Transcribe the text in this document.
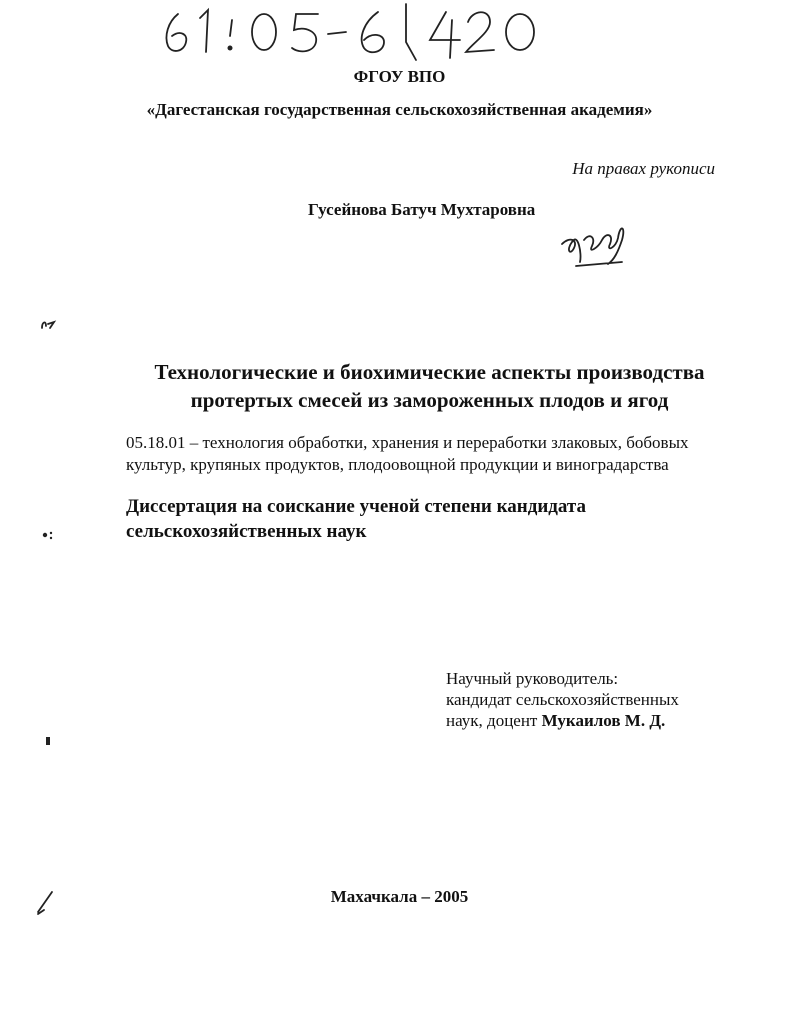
ФГОУ ВПО

«Дагестанская государственная сельскохозяйственная академия»

На правах рукописи

Гусейнова Батуч Мухтаровна

Технологические и биохимические аспекты производства
протертых смесей из замороженных плодов и ягод

05.18.01 – технология обработки, хранения и переработки злаковых, бобовых
культур, крупяных продуктов, плодоовощной продукции и виноградарства

Диссертация на соискание ученой степени кандидата
сельскохозяйственных наук

Научный руководитель:
кандидат сельскохозяйственных
наук, доцент Мукаилов М. Д.

Махачкала – 2005
